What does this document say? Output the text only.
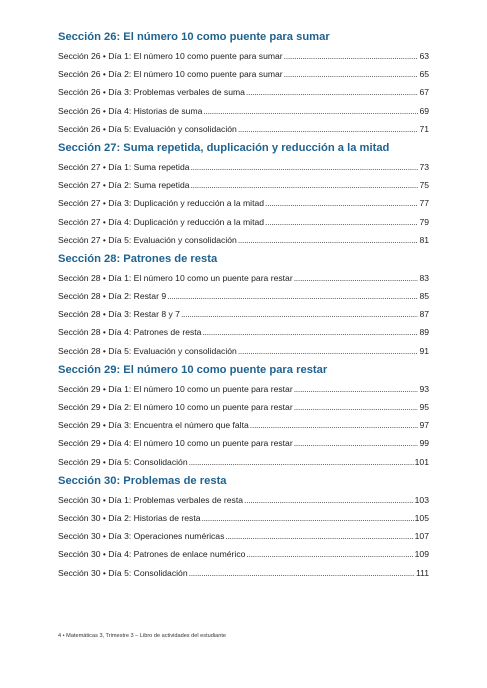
Sección 26: El número 10 como puente para sumar
Sección 26 • Día 1: El número 10 como puente para sumar .....	63
Sección 26 • Día 2: El número 10 como puente para sumar .....	65
Sección 26 • Día 3: Problemas verbales de suma .....	67
Sección 26 • Día 4: Historias de suma .....	69
Sección 26 • Día 5: Evaluación y consolidación .....	71
Sección 27: Suma repetida, duplicación y reducción a la mitad
Sección 27 • Día 1: Suma repetida .....	73
Sección 27 • Día 2: Suma repetida .....	75
Sección 27 • Día 3: Duplicación y reducción a la mitad .....	77
Sección 27 • Día 4: Duplicación y reducción a la mitad .....	79
Sección 27 • Día 5: Evaluación y consolidación .....	81
Sección 28: Patrones de resta
Sección 28 • Día 1: El número 10 como un puente para restar .....	83
Sección 28 • Día 2: Restar 9 .....	85
Sección 28 • Día 3: Restar 8 y 7 .....	87
Sección 28 • Día 4: Patrones de resta .....	89
Sección 28 • Día 5: Evaluación y consolidación .....	91
Sección 29: El número 10 como puente para restar
Sección 29 • Día 1: El número 10 como un puente para restar .....	93
Sección 29 • Día 2: El número 10 como un puente para restar .....	95
Sección 29 • Día 3: Encuentra el número que falta .....	97
Sección 29 • Día 4: El número 10 como un puente para restar .....	99
Sección 29 • Día 5: Consolidación .....	101
Sección 30: Problemas de resta
Sección 30 • Día 1: Problemas verbales de resta .....	103
Sección 30 • Día 2: Historias de resta .....	105
Sección 30 • Día 3: Operaciones numéricas .....	107
Sección 30 • Día 4: Patrones de enlace numérico .....	109
Sección 30 • Día 5: Consolidación .....	111
4 • Matemáticas 3, Trimestre 3 – Libro de actividades del estudiante
